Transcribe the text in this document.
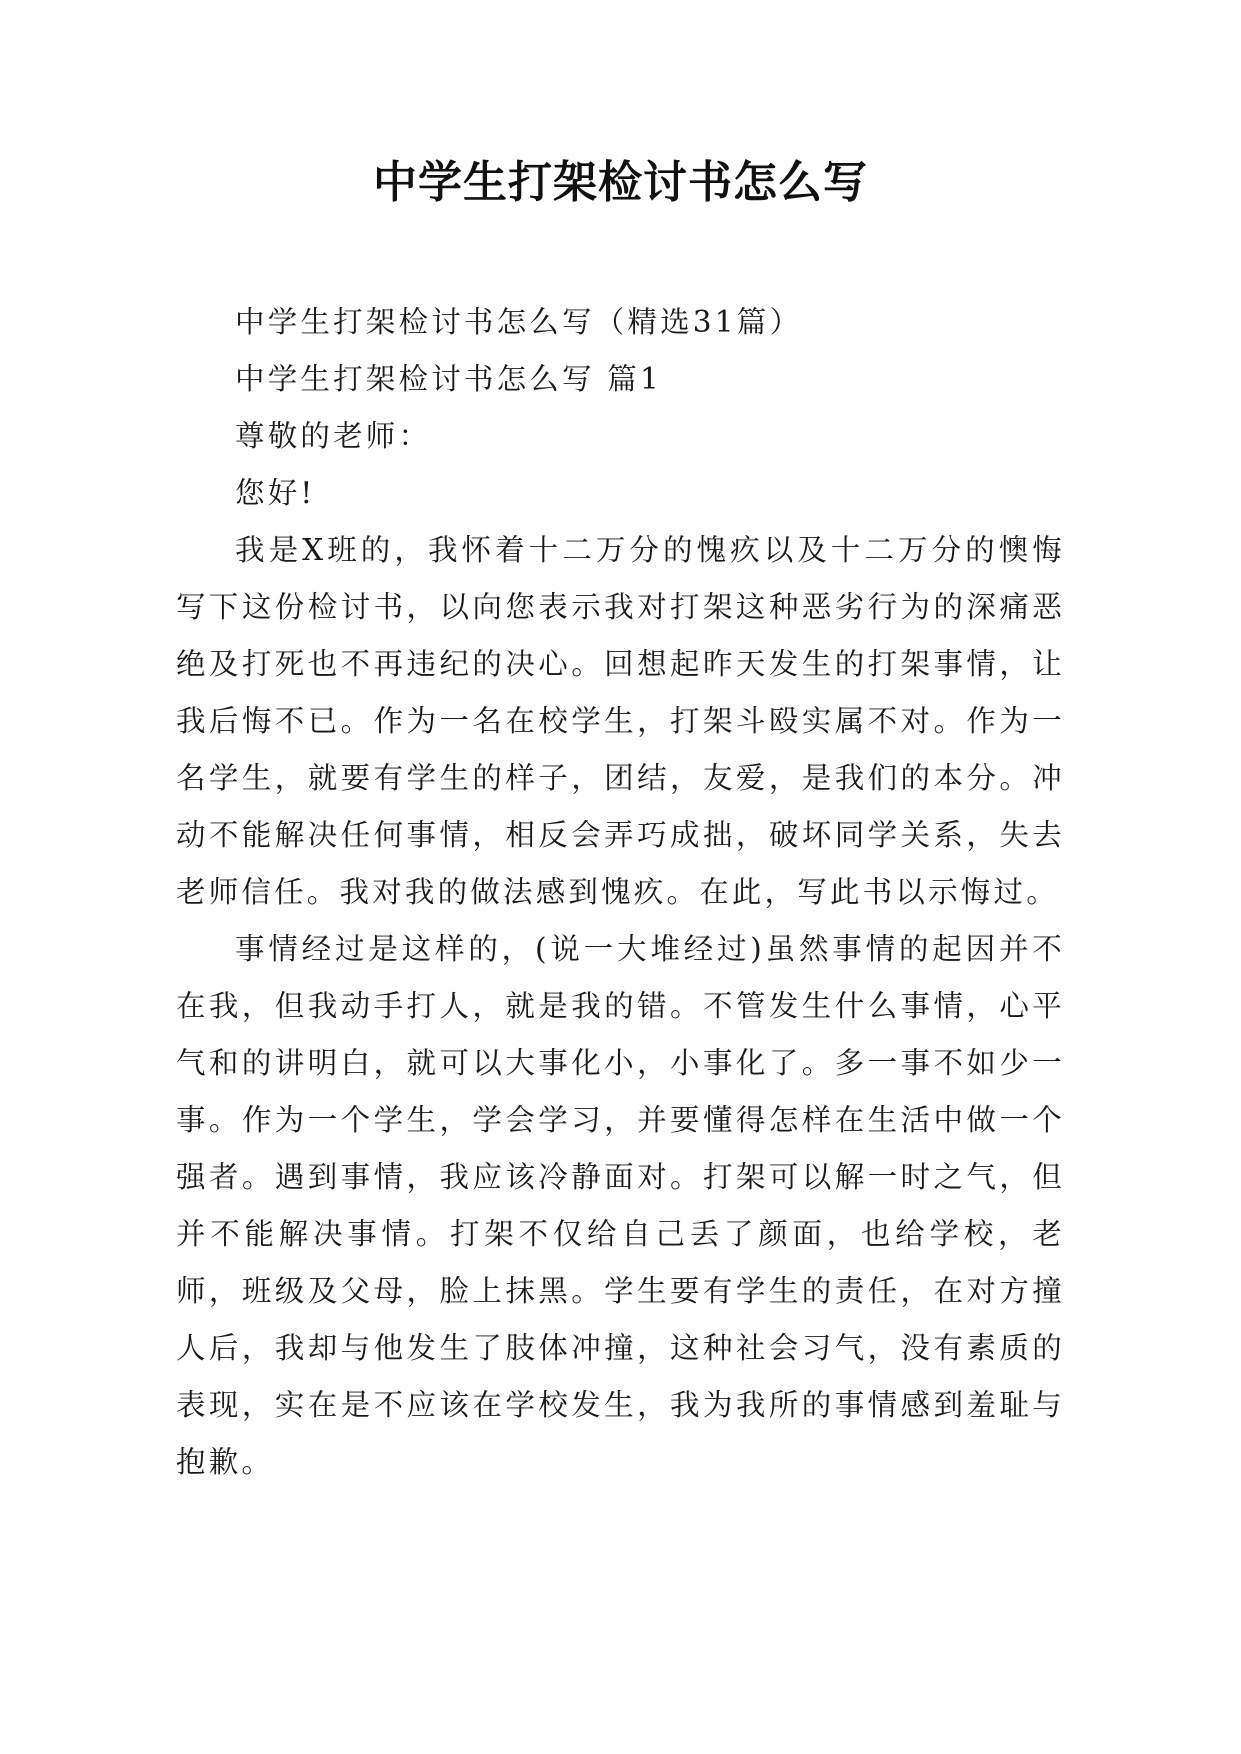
中学生打架检讨书怎么写

中学生打架检讨书怎么写（精选31篇）

中学生打架检讨书怎么写 篇1

尊敬的老师：

您好!

我是X班的，我怀着十二万分的愧疚以及十二万分的懊悔写下这份检讨书，以向您表示我对打架这种恶劣行为的深痛恶绝及打死也不再违纪的决心。回想起昨天发生的打架事情，让我后悔不已。作为一名在校学生，打架斗殴实属不对。作为一名学生，就要有学生的样子，团结，友爱，是我们的本分。冲动不能解决任何事情，相反会弄巧成拙，破坏同学关系，失去老师信任。我对我的做法感到愧疚。在此，写此书以示悔过。

事情经过是这样的，(说一大堆经过)虽然事情的起因并不在我，但我动手打人，就是我的错。不管发生什么事情，心平气和的讲明白，就可以大事化小，小事化了。多一事不如少一事。作为一个学生，学会学习，并要懂得怎样在生活中做一个强者。遇到事情，我应该冷静面对。打架可以解一时之气，但并不能解决事情。打架不仅给自己丢了颜面，也给学校，老师，班级及父母，脸上抹黑。学生要有学生的责任，在对方撞人后，我却与他发生了肢体冲撞，这种社会习气，没有素质的表现，实在是不应该在学校发生，我为我所的事情感到羞耻与抱歉。
